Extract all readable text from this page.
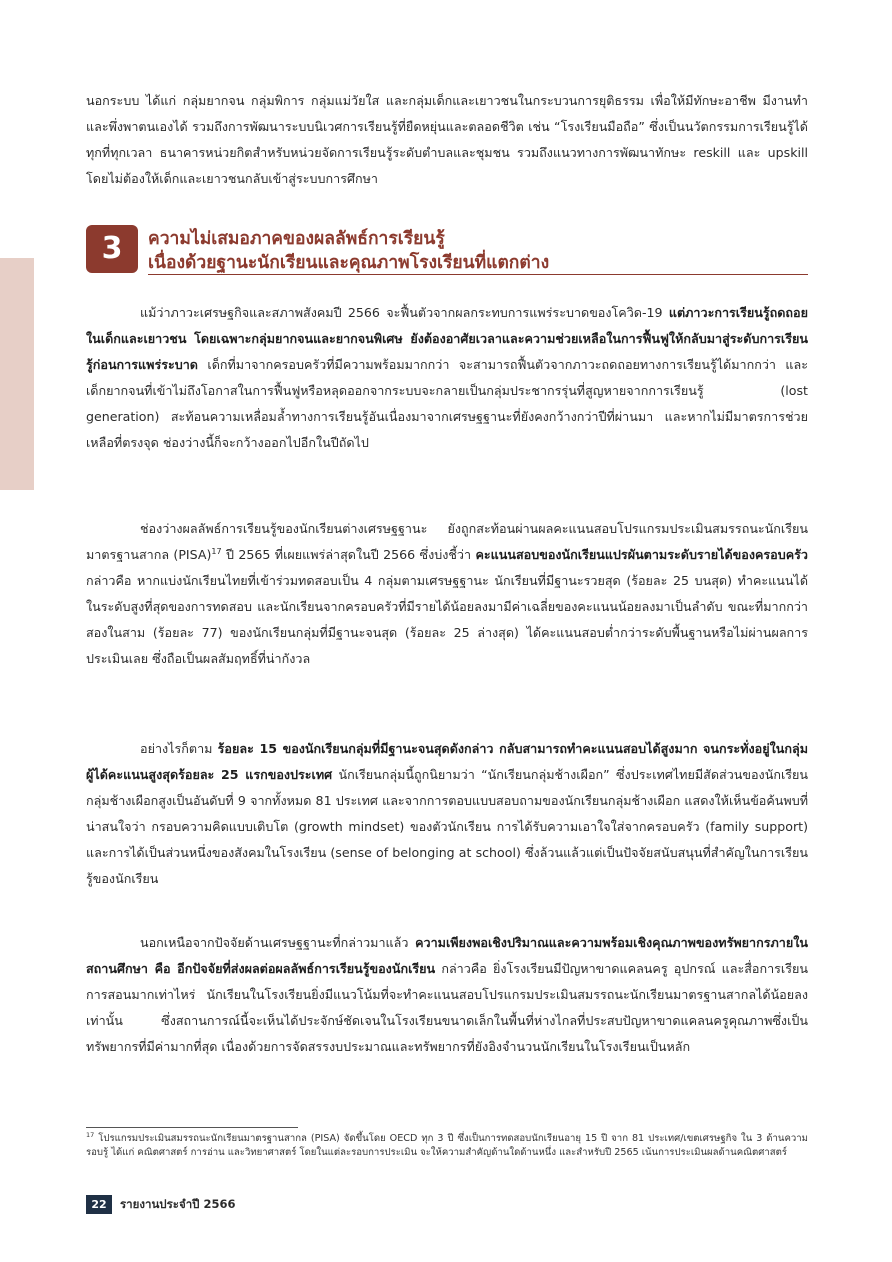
นอกระบบ ได้แก่ กลุ่มยากจน กลุ่มพิการ กลุ่มแม่วัยใส และกลุ่มเด็กและเยาวชนในกระบวนการยุติธรรม เพื่อให้มีทักษะอาชีพ มีงานทำ และพึ่งพาตนเองได้ รวมถึงการพัฒนาระบบนิเวศการเรียนรู้ที่ยืดหยุ่นและตลอดชีวิต เช่น “โรงเรียนมือถือ” ซึ่งเป็นนวัตกรรมการเรียนรู้ได้ทุกที่ทุกเวลา ธนาคารหน่วยกิตสำหรับหน่วยจัดการเรียนรู้ระดับตำบลและชุมชน รวมถึงแนวทางการพัฒนาทักษะ reskill และ upskill โดยไม่ต้องให้เด็กและเยาวชนกลับเข้าสู่ระบบการศึกษา

3	ความไม่เสมอภาคของผลลัพธ์การเรียนรู้
เนื่องด้วยฐานะนักเรียนและคุณภาพโรงเรียนที่แตกต่าง

แม้ว่าภาวะเศรษฐกิจและสภาพสังคมปี 2566 จะฟื้นตัวจากผลกระทบการแพร่ระบาดของโควิด-19 แต่ภาวะการเรียนรู้ถดถอยในเด็กและเยาวชน โดยเฉพาะกลุ่มยากจนและยากจนพิเศษ ยังต้องอาศัยเวลาและความช่วยเหลือในการฟื้นฟูให้กลับมาสู่ระดับการเรียนรู้ก่อนการแพร่ระบาด เด็กที่มาจากครอบครัวที่มีความพร้อมมากกว่า จะสามารถฟื้นตัวจากภาวะถดถอยทางการเรียนรู้ได้มากกว่า และเด็กยากจนที่เข้าไม่ถึงโอกาสในการฟื้นฟูหรือหลุดออกจากระบบจะกลายเป็นกลุ่มประชากรรุ่นที่สูญหายจากการเรียนรู้ (lost generation) สะท้อนความเหลื่อมล้ำทางการเรียนรู้อันเนื่องมาจากเศรษฐฐานะที่ยังคงกว้างกว่าปีที่ผ่านมา และหากไม่มีมาตรการช่วยเหลือที่ตรงจุด ช่องว่างนี้ก็จะกว้างออกไปอีกในปีถัดไป

ช่องว่างผลลัพธ์การเรียนรู้ของนักเรียนต่างเศรษฐฐานะ ยังถูกสะท้อนผ่านผลคะแนนสอบโปรแกรมประเมินสมรรถนะนักเรียนมาตรฐานสากล (PISA)$^{17}$ ปี 2565 ที่เผยแพร่ล่าสุดในปี 2566 ซึ่งบ่งชี้ว่า คะแนนสอบของนักเรียนแปรผันตามระดับรายได้ของครอบครัว กล่าวคือ หากแบ่งนักเรียนไทยที่เข้าร่วมทดสอบเป็น 4 กลุ่มตามเศรษฐฐานะ นักเรียนที่มีฐานะรวยสุด (ร้อยละ 25 บนสุด) ทำคะแนนได้ในระดับสูงที่สุดของการทดสอบ และนักเรียนจากครอบครัวที่มีรายได้น้อยลงมามีค่าเฉลี่ยของคะแนนน้อยลงมาเป็นลำดับ ขณะที่มากกว่าสองในสาม (ร้อยละ 77) ของนักเรียนกลุ่มที่มีฐานะจนสุด (ร้อยละ 25 ล่างสุด) ได้คะแนนสอบต่ำกว่าระดับพื้นฐานหรือไม่ผ่านผลการประเมินเลย ซึ่งถือเป็นผลสัมฤทธิ์ที่น่ากังวล

อย่างไรก็ตาม ร้อยละ 15 ของนักเรียนกลุ่มที่มีฐานะจนสุดดังกล่าว กลับสามารถทำคะแนนสอบได้สูงมาก จนกระทั่งอยู่ในกลุ่มผู้ได้คะแนนสูงสุดร้อยละ 25 แรกของประเทศ นักเรียนกลุ่มนี้ถูกนิยามว่า “นักเรียนกลุ่มช้างเผือก” ซึ่งประเทศไทยมีสัดส่วนของนักเรียนกลุ่มช้างเผือกสูงเป็นอันดับที่ 9 จากทั้งหมด 81 ประเทศ และจากการตอบแบบสอบถามของนักเรียนกลุ่มช้างเผือก แสดงให้เห็นข้อค้นพบที่น่าสนใจว่า กรอบความคิดแบบเติบโต (growth mindset) ของตัวนักเรียน การได้รับความเอาใจใส่จากครอบครัว (family support) และการได้เป็นส่วนหนึ่งของสังคมในโรงเรียน (sense of belonging at school) ซึ่งล้วนแล้วแต่เป็นปัจจัยสนับสนุนที่สำคัญในการเรียนรู้ของนักเรียน

นอกเหนือจากปัจจัยด้านเศรษฐฐานะที่กล่าวมาแล้ว ความเพียงพอเชิงปริมาณและความพร้อมเชิงคุณภาพของทรัพยากรภายในสถานศึกษา คือ อีกปัจจัยที่ส่งผลต่อผลลัพธ์การเรียนรู้ของนักเรียน กล่าวคือ ยิ่งโรงเรียนมีปัญหาขาดแคลนครู อุปกรณ์ และสื่อการเรียนการสอนมากเท่าไหร่ นักเรียนในโรงเรียนยิ่งมีแนวโน้มที่จะทำคะแนนสอบโปรแกรมประเมินสมรรถนะนักเรียนมาตรฐานสากลได้น้อยลงเท่านั้น ซึ่งสถานการณ์นี้จะเห็นได้ประจักษ์ชัดเจนในโรงเรียนขนาดเล็กในพื้นที่ห่างไกลที่ประสบปัญหาขาดแคลนครูคุณภาพซึ่งเป็นทรัพยากรที่มีค่ามากที่สุด เนื่องด้วยการจัดสรรงบประมาณและทรัพยากรที่ยังอิงจำนวนนักเรียนในโรงเรียนเป็นหลัก

$^{17}$ โปรแกรมประเมินสมรรถนะนักเรียนมาตรฐานสากล (PISA) จัดขึ้นโดย OECD ทุก 3 ปี ซึ่งเป็นการทดสอบนักเรียนอายุ 15 ปี จาก 81 ประเทศ/เขตเศรษฐกิจ ใน 3 ด้านความรอบรู้ ได้แก่ คณิตศาสตร์ การอ่าน และวิทยาศาสตร์ โดยในแต่ละรอบการประเมิน จะให้ความสำคัญด้านใดด้านหนึ่ง และสำหรับปี 2565 เน้นการประเมินผลด้านคณิตศาสตร์

22	รายงานประจำปี 2566
